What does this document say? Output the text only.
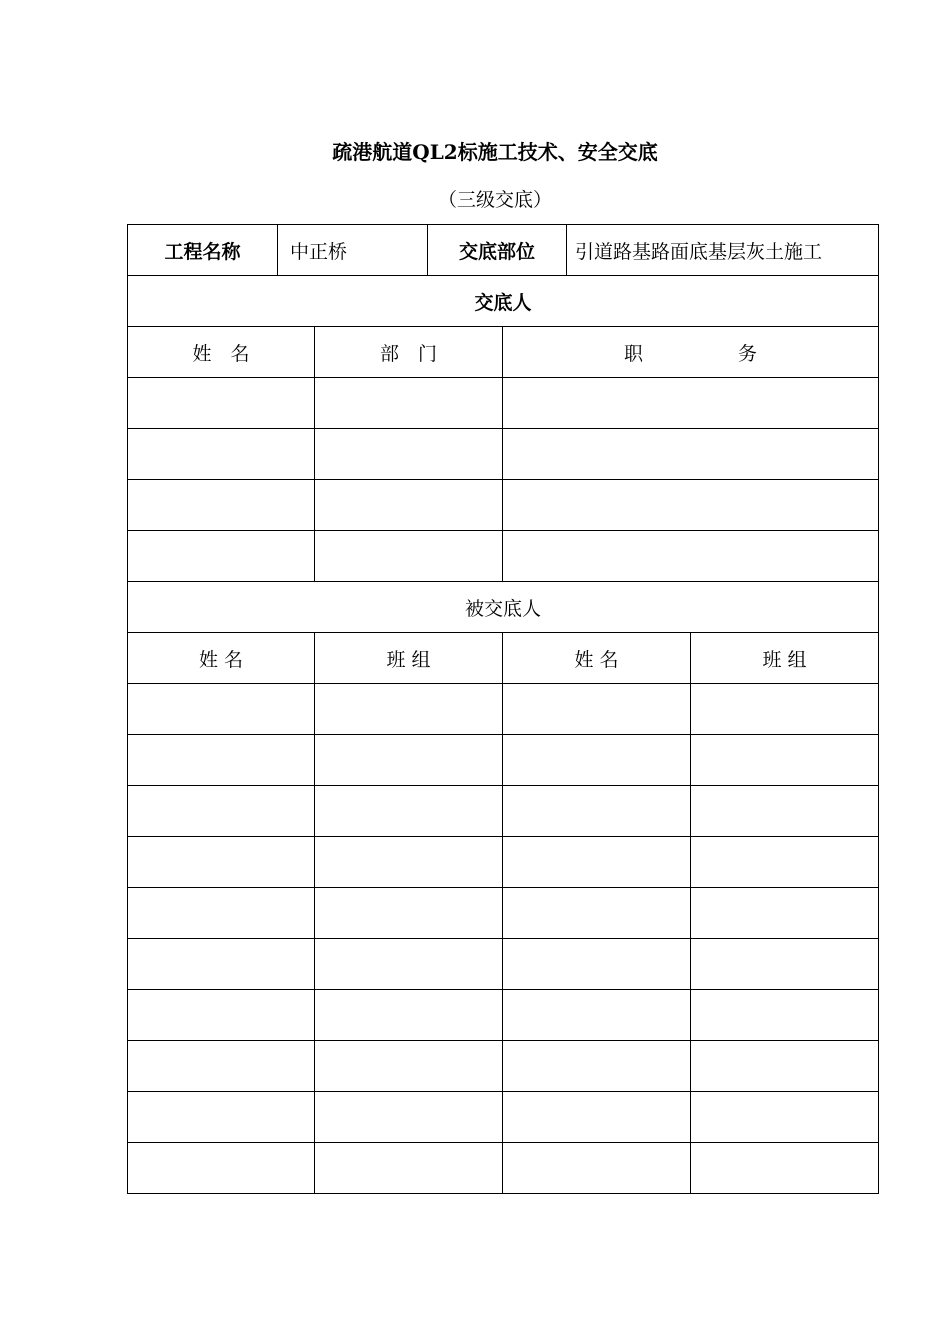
疏港航道QL2标施工技术、安全交底
（三级交底）
工程名称	中正桥		交底部位		引道路基路面底基层灰土施工	
交底人						
姓　名		部　门		职　　　　　务		

被交底人						
姓 名		班 组		姓 名		班 组
